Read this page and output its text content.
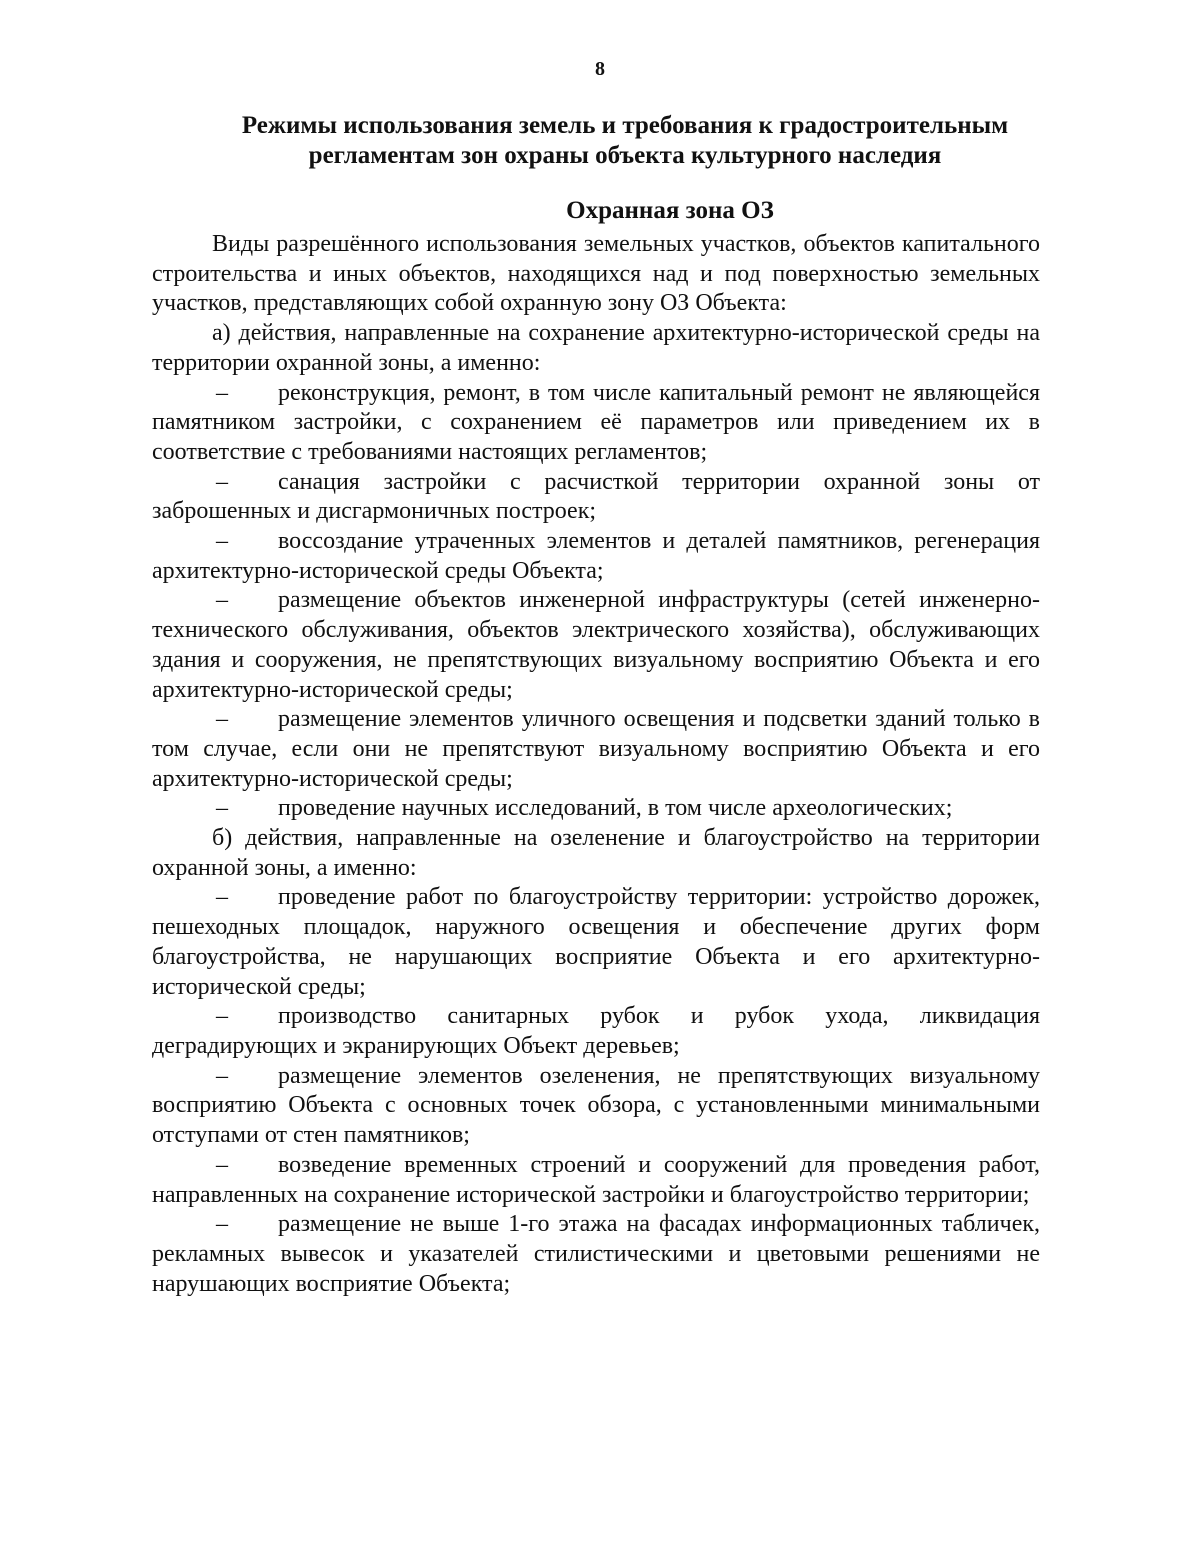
8
Режимы использования земель и требования к градостроительным
регламентам зон охраны объекта культурного наследия
Охранная зона ОЗ

Виды разрешённого использования земельных участков, объектов капитального строительства и иных объектов, находящихся над и под поверхностью земельных участков, представляющих собой охранную зону ОЗ Объекта:

а) действия, направленные на сохранение архитектурно-исторической среды на территории охранной зоны, а именно:

– реконструкция, ремонт, в том числе капитальный ремонт не являющейся памятником застройки, с сохранением её параметров или приведением их в соответствие с требованиями настоящих регламентов;

– санация застройки с расчисткой территории охранной зоны от заброшенных и дисгармоничных построек;

– воссоздание утраченных элементов и деталей памятников, регенерация архитектурно-исторической среды Объекта;

– размещение объектов инженерной инфраструктуры (сетей инженерно-технического обслуживания, объектов электрического хозяйства), обслуживающих здания и сооружения, не препятствующих визуальному восприятию Объекта и его архитектурно-исторической среды;

– размещение элементов уличного освещения и подсветки зданий только в том случае, если они не препятствуют визуальному восприятию Объекта и его архитектурно-исторической среды;

– проведение научных исследований, в том числе археологических;

б) действия, направленные на озеленение и благоустройство на территории охранной зоны, а именно:

– проведение работ по благоустройству территории: устройство дорожек, пешеходных площадок, наружного освещения и обеспечение других форм благоустройства, не нарушающих восприятие Объекта и его архитектурно-исторической среды;

– производство санитарных рубок и рубок ухода, ликвидация деградирующих и экранирующих Объект деревьев;

– размещение элементов озеленения, не препятствующих визуальному восприятию Объекта с основных точек обзора, с установленными минимальными отступами от стен памятников;

– возведение временных строений и сооружений для проведения работ, направленных на сохранение исторической застройки и благоустройство территории;

– размещение не выше 1-го этажа на фасадах информационных табличек, рекламных вывесок и указателей стилистическими и цветовыми решениями не нарушающих восприятие Объекта;
